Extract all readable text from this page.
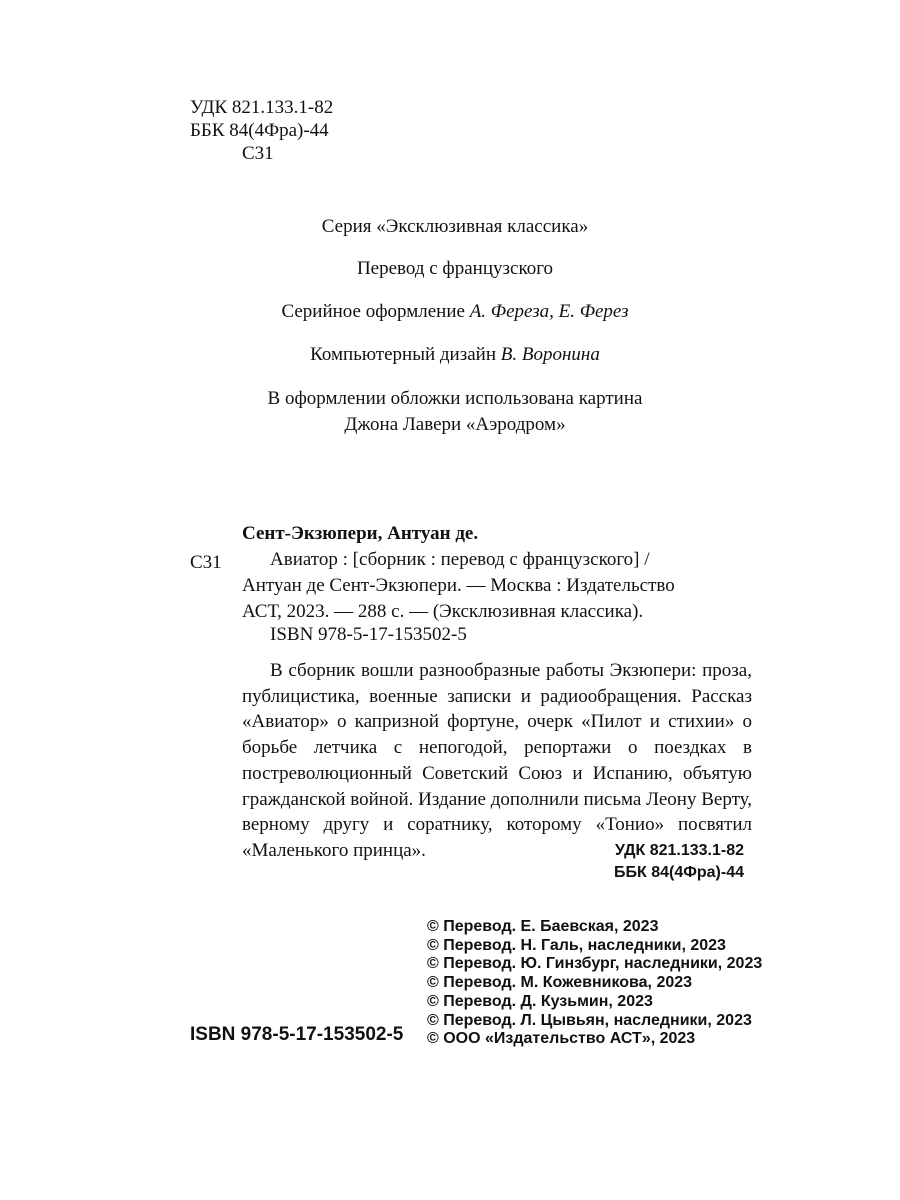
УДК 821.133.1-82
ББК 84(4Фра)-44

С31
Серия «Эксклюзивная классика»
Перевод с французского
Серийное оформление А. Фереза, Е. Ферез
Компьютерный дизайн В. Воронина
В оформлении обложки использована картина
Джона Лавери «Аэродром»
Сент-Экзюпери, Антуан де.
С31	Авиатор : [сборник : перевод с французского] /
Антуан де Сент-Экзюпери. — Москва : Издательство
АСТ, 2023. — 288 с. — (Эксклюзивная классика).
ISBN 978-5-17-153502-5

В сборник вошли разнообразные работы Экзюпери: проза, публицистика, военные записки и радиообращения. Рассказ «Авиатор» о капризной фортуне, очерк «Пилот и стихии» о борьбе летчика с непогодой, репортажи о поездках в постреволюционный Советский Союз и Испанию, объятую гражданской войной. Издание дополнили письма Леону Верту, верному другу и соратнику, которому «Тонио» посвятил «Маленького принца».	УДК 821.133.1-82
ББК 84(4Фра)-44
© Перевод. Е. Баевская, 2023
© Перевод. Н. Галь, наследники, 2023
© Перевод. Ю. Гинзбург, наследники, 2023
© Перевод. М. Кожевникова, 2023
© Перевод. Д. Кузьмин, 2023
© Перевод. Л. Цывьян, наследники, 2023
© ООО «Издательство АСТ», 2023
ISBN 978-5-17-153502-5
